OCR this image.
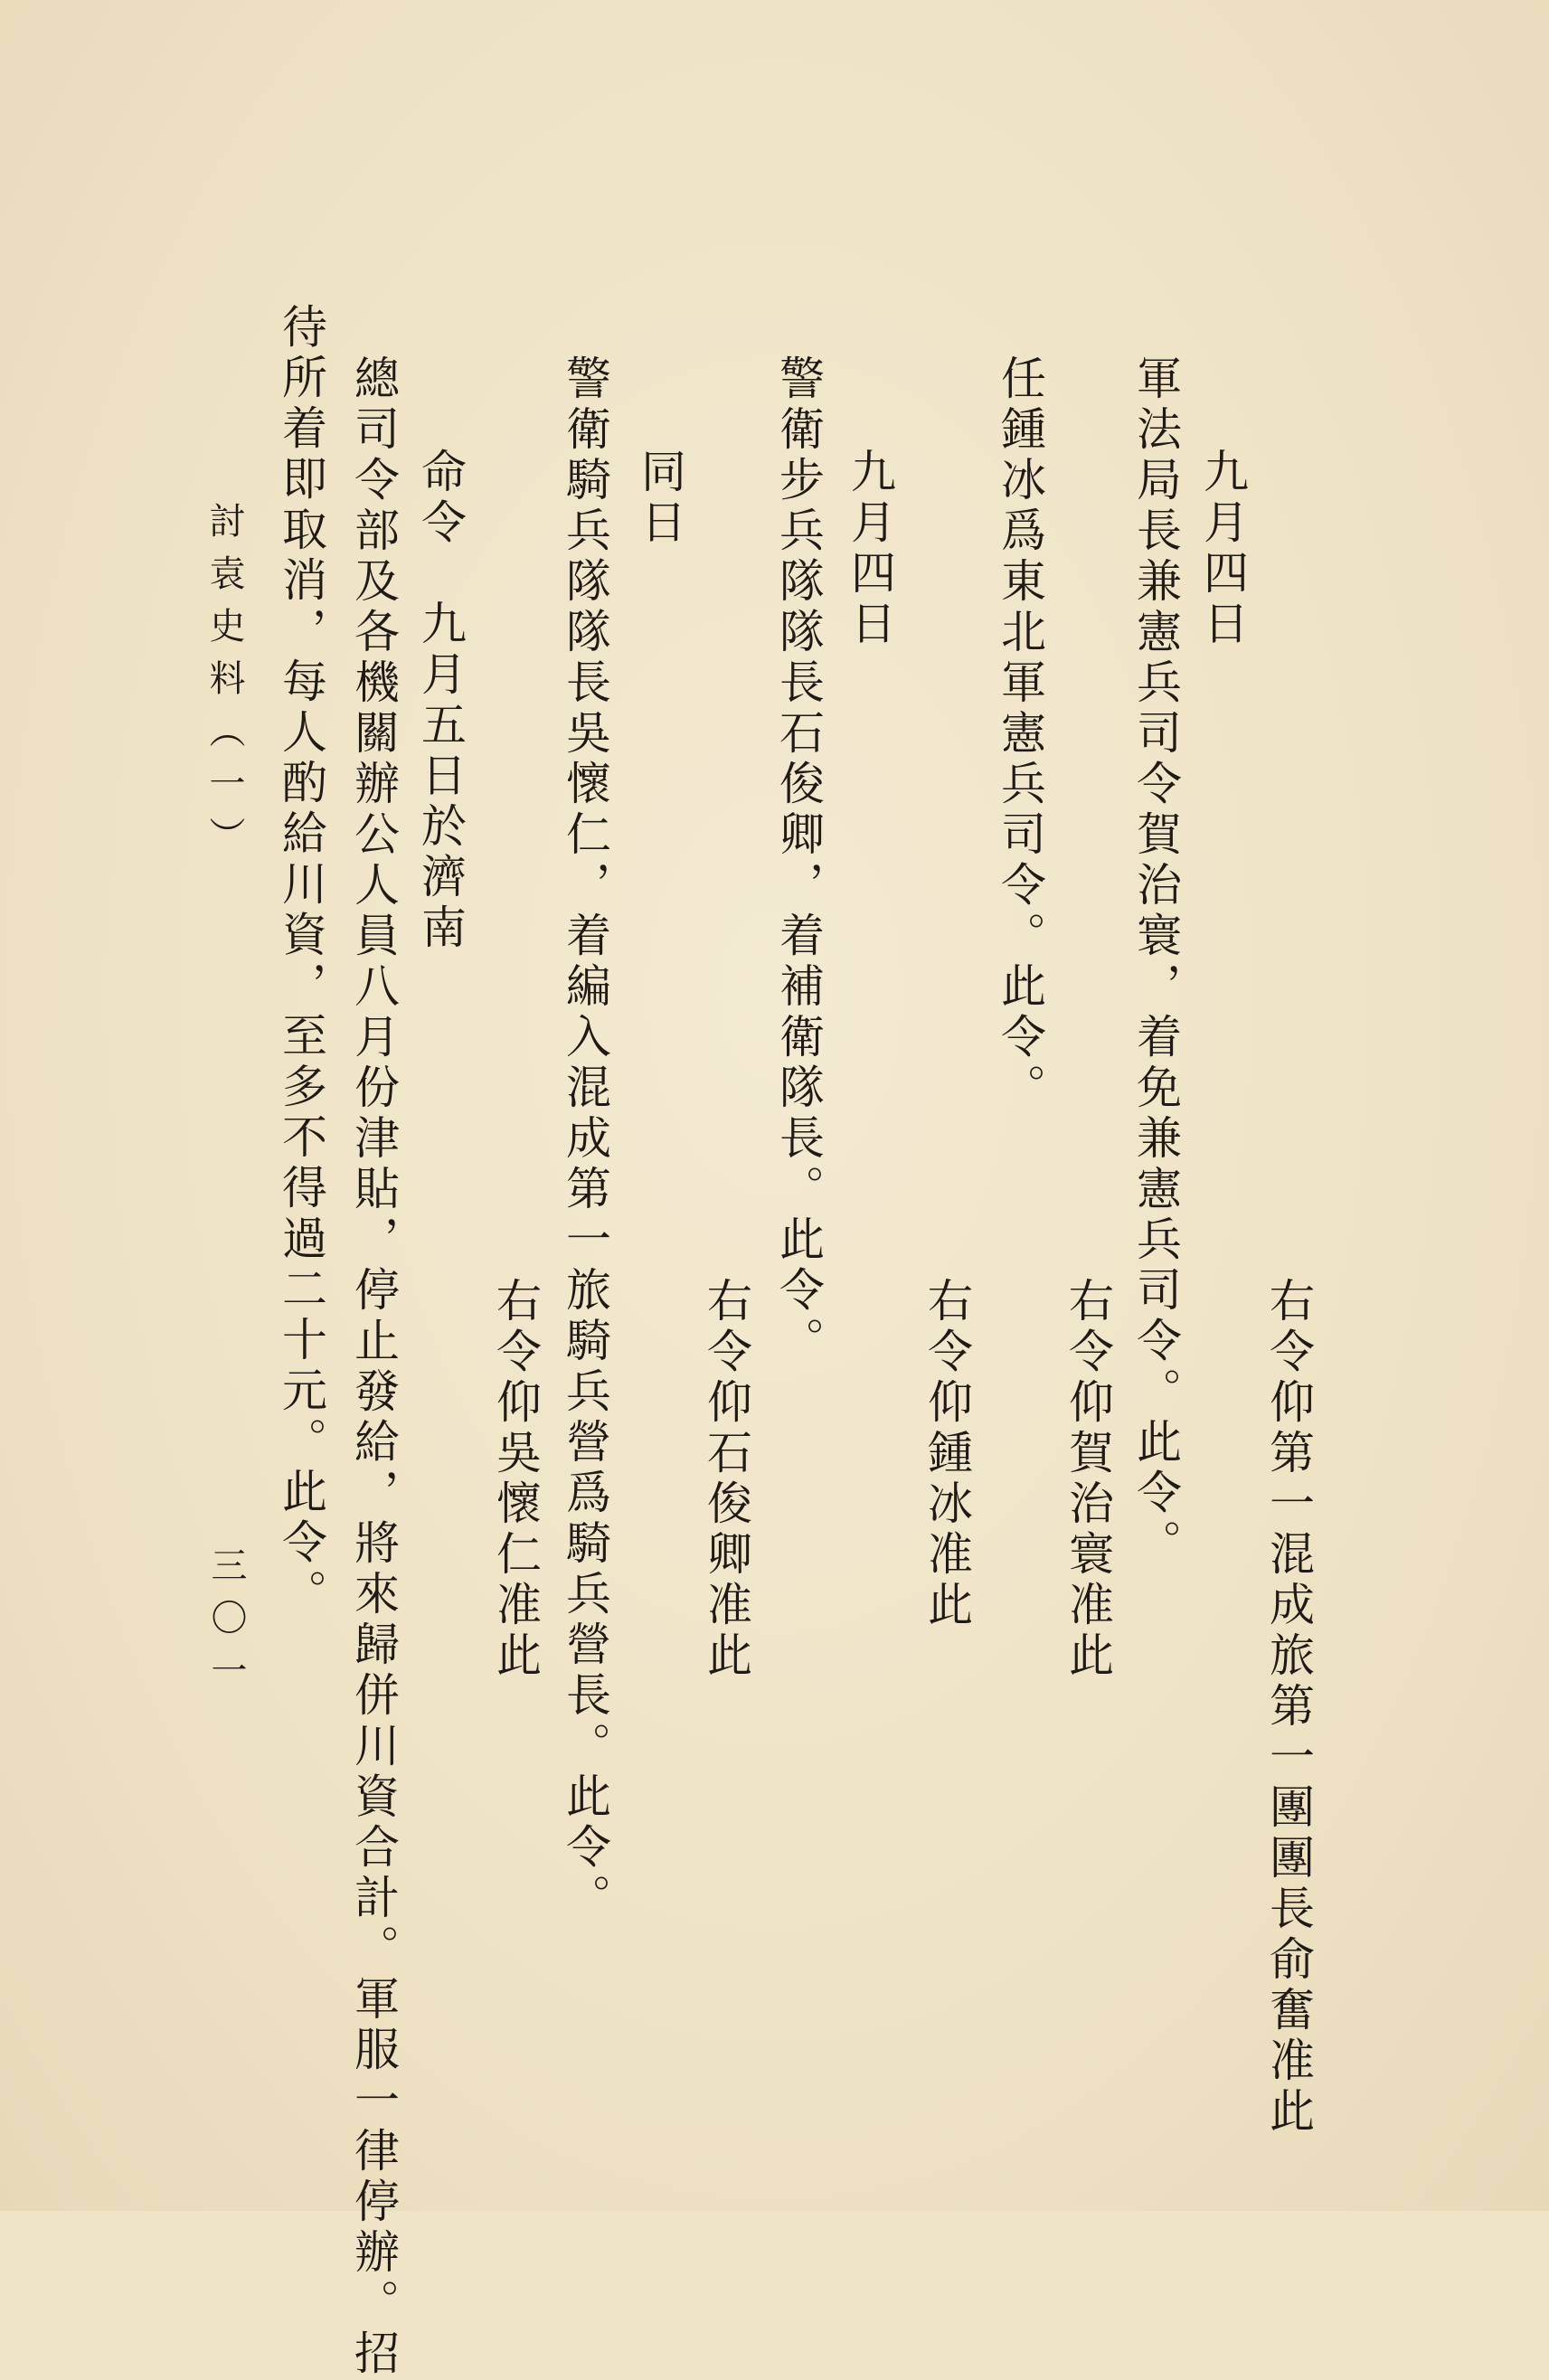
右令仰第一混成旅第一團團長俞奮准此
九月四日
軍法局長兼憲兵司令賀治寰，着免兼憲兵司令。此令。
右令仰賀治寰准此
任鍾冰爲東北軍憲兵司令。此令。
右令仰鍾冰准此
九月四日
警衛步兵隊隊長石俊卿，着補衛隊長。此令。
右令仰石俊卿准此
同日
警衛騎兵隊隊長吳懷仁，着編入混成第一旅騎兵營爲騎兵營長。此令。
右令仰吳懷仁准此
命令　九月五日於濟南
總司令部及各機關辦公人員八月份津貼，停止發給，將來歸併川資合計。軍服一律停辦。招
待所着即取消，每人酌給川資，至多不得過二十元。此令。
討袁史料（一）
三〇一
